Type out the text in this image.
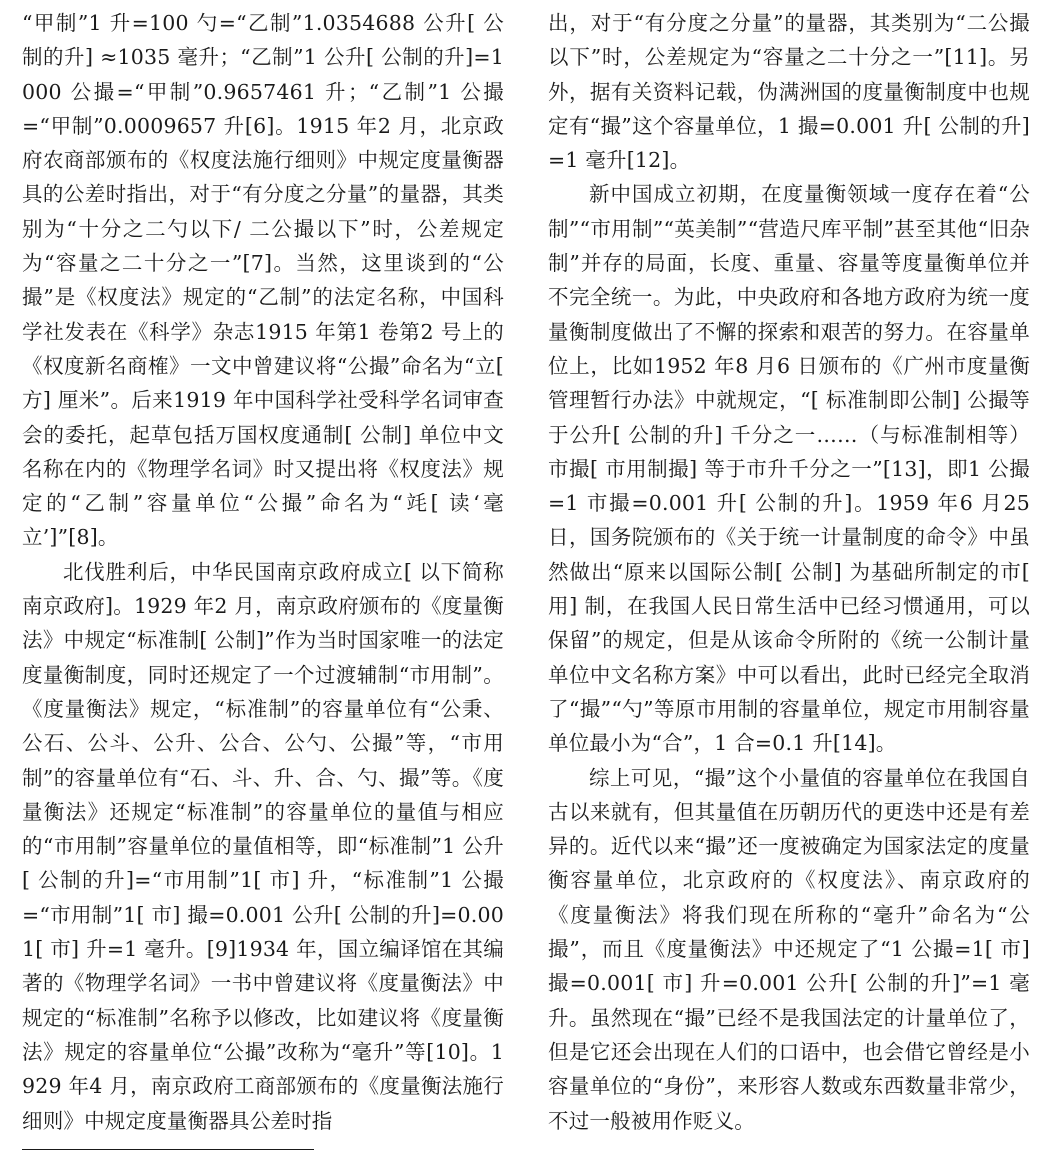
“甲制”1 升=100 勺=“乙制”1.0354688 公升[ 公制的升] ≈1035 毫升；“乙制”1 公升[ 公制的升]=1000 公撮=“甲制”0.9657461 升；“乙制”1 公撮 =“甲制”0.0009657 升[6]。1915 年2 月，北京政府农商部颁布的《权度法施行细则》中规定度量衡器具的公差时指出，对于“有分度之分量”的量器，其类别为“十分之二勺以下/ 二公撮以下”时，公差规定为“容量之二十分之一”[7]。当然，这里谈到的“公撮”是《权度法》规定的“乙制”的法定名称，中国科学社发表在《科学》杂志1915 年第1 卷第2 号上的《权度新名商榷》一文中曾建议将“公撮”命名为“立[ 方] 厘米”。后来1919 年中国科学社受科学名词审查会的委托，起草包括万国权度通制[ 公制] 单位中文名称在内的《物理学名词》时又提出将《权度法》规定的“乙制”容量单位“公撮”命名为“竓[ 读‘毫立’]”[8]。

北伐胜利后，中华民国南京政府成立[ 以下简称南京政府]。1929 年2 月，南京政府颁布的《度量衡法》中规定“标准制[ 公制]”作为当时国家唯一的法定度量衡制度，同时还规定了一个过渡辅制“市用制”。《度量衡法》规定，“标准制”的容量单位有“公秉、公石、公斗、公升、公合、公勺、公撮”等，“市用制”的容量单位有“石、斗、升、合、勺、撮”等。《度量衡法》还规定“标准制”的容量单位的量值与相应的“市用制”容量单位的量值相等，即“标准制”1 公升[ 公制的升]=“市用制”1[ 市] 升，“标准制”1 公撮=“市用制”1[ 市] 撮=0.001 公升[ 公制的升]=0.001[ 市] 升=1 毫升。[9]1934 年，国立编译馆在其编著的《物理学名词》一书中曾建议将《度量衡法》中规定的“标准制”名称予以修改，比如建议将《度量衡法》规定的容量单位“公撮”改称为“毫升”等[10]。1929 年4 月，南京政府工商部颁布的《度量衡法施行细则》中规定度量衡器具公差时指

出，对于“有分度之分量”的量器，其类别为“二公撮以下”时，公差规定为“容量之二十分之一”[11]。另外，据有关资料记载，伪满洲国的度量衡制度中也规定有“撮”这个容量单位，1 撮=0.001 升[ 公制的升]=1 毫升[12]。

新中国成立初期，在度量衡领域一度存在着“公制”“市用制”“英美制”“营造尺库平制”甚至其他“旧杂制”并存的局面，长度、重量、容量等度量衡单位并不完全统一。为此，中央政府和各地方政府为统一度量衡制度做出了不懈的探索和艰苦的努力。在容量单位上，比如1952 年8 月6 日颁布的《广州市度量衡管理暂行办法》中就规定，“[ 标准制即公制] 公撮等于公升[ 公制的升] 千分之一……（与标准制相等）市撮[ 市用制撮] 等于市升千分之一”[13]，即1 公撮=1 市撮=0.001 升[ 公制的升]。1959 年6 月25 日，国务院颁布的《关于统一计量制度的命令》中虽然做出“原来以国际公制[ 公制] 为基础所制定的市[ 用] 制，在我国人民日常生活中已经习惯通用，可以保留”的规定，但是从该命令所附的《统一公制计量单位中文名称方案》中可以看出，此时已经完全取消了“撮”“勺”等原市用制的容量单位，规定市用制容量单位最小为“合”，1 合=0.1 升[14]。

综上可见，“撮”这个小量值的容量单位在我国自古以来就有，但其量值在历朝历代的更迭中还是有差异的。近代以来“撮”还一度被确定为国家法定的度量衡容量单位，北京政府的《权度法》、南京政府的《度量衡法》将我们现在所称的“毫升”命名为“公撮”，而且《度量衡法》中还规定了“1 公撮=1[ 市] 撮=0.001[ 市] 升=0.001 公升[ 公制的升]”=1 毫升。虽然现在“撮”已经不是我国法定的计量单位了，但是它还会出现在人们的口语中，也会借它曾经是小容量单位的“身份”，来形容人数或东西数量非常少，不过一般被用作贬义。
